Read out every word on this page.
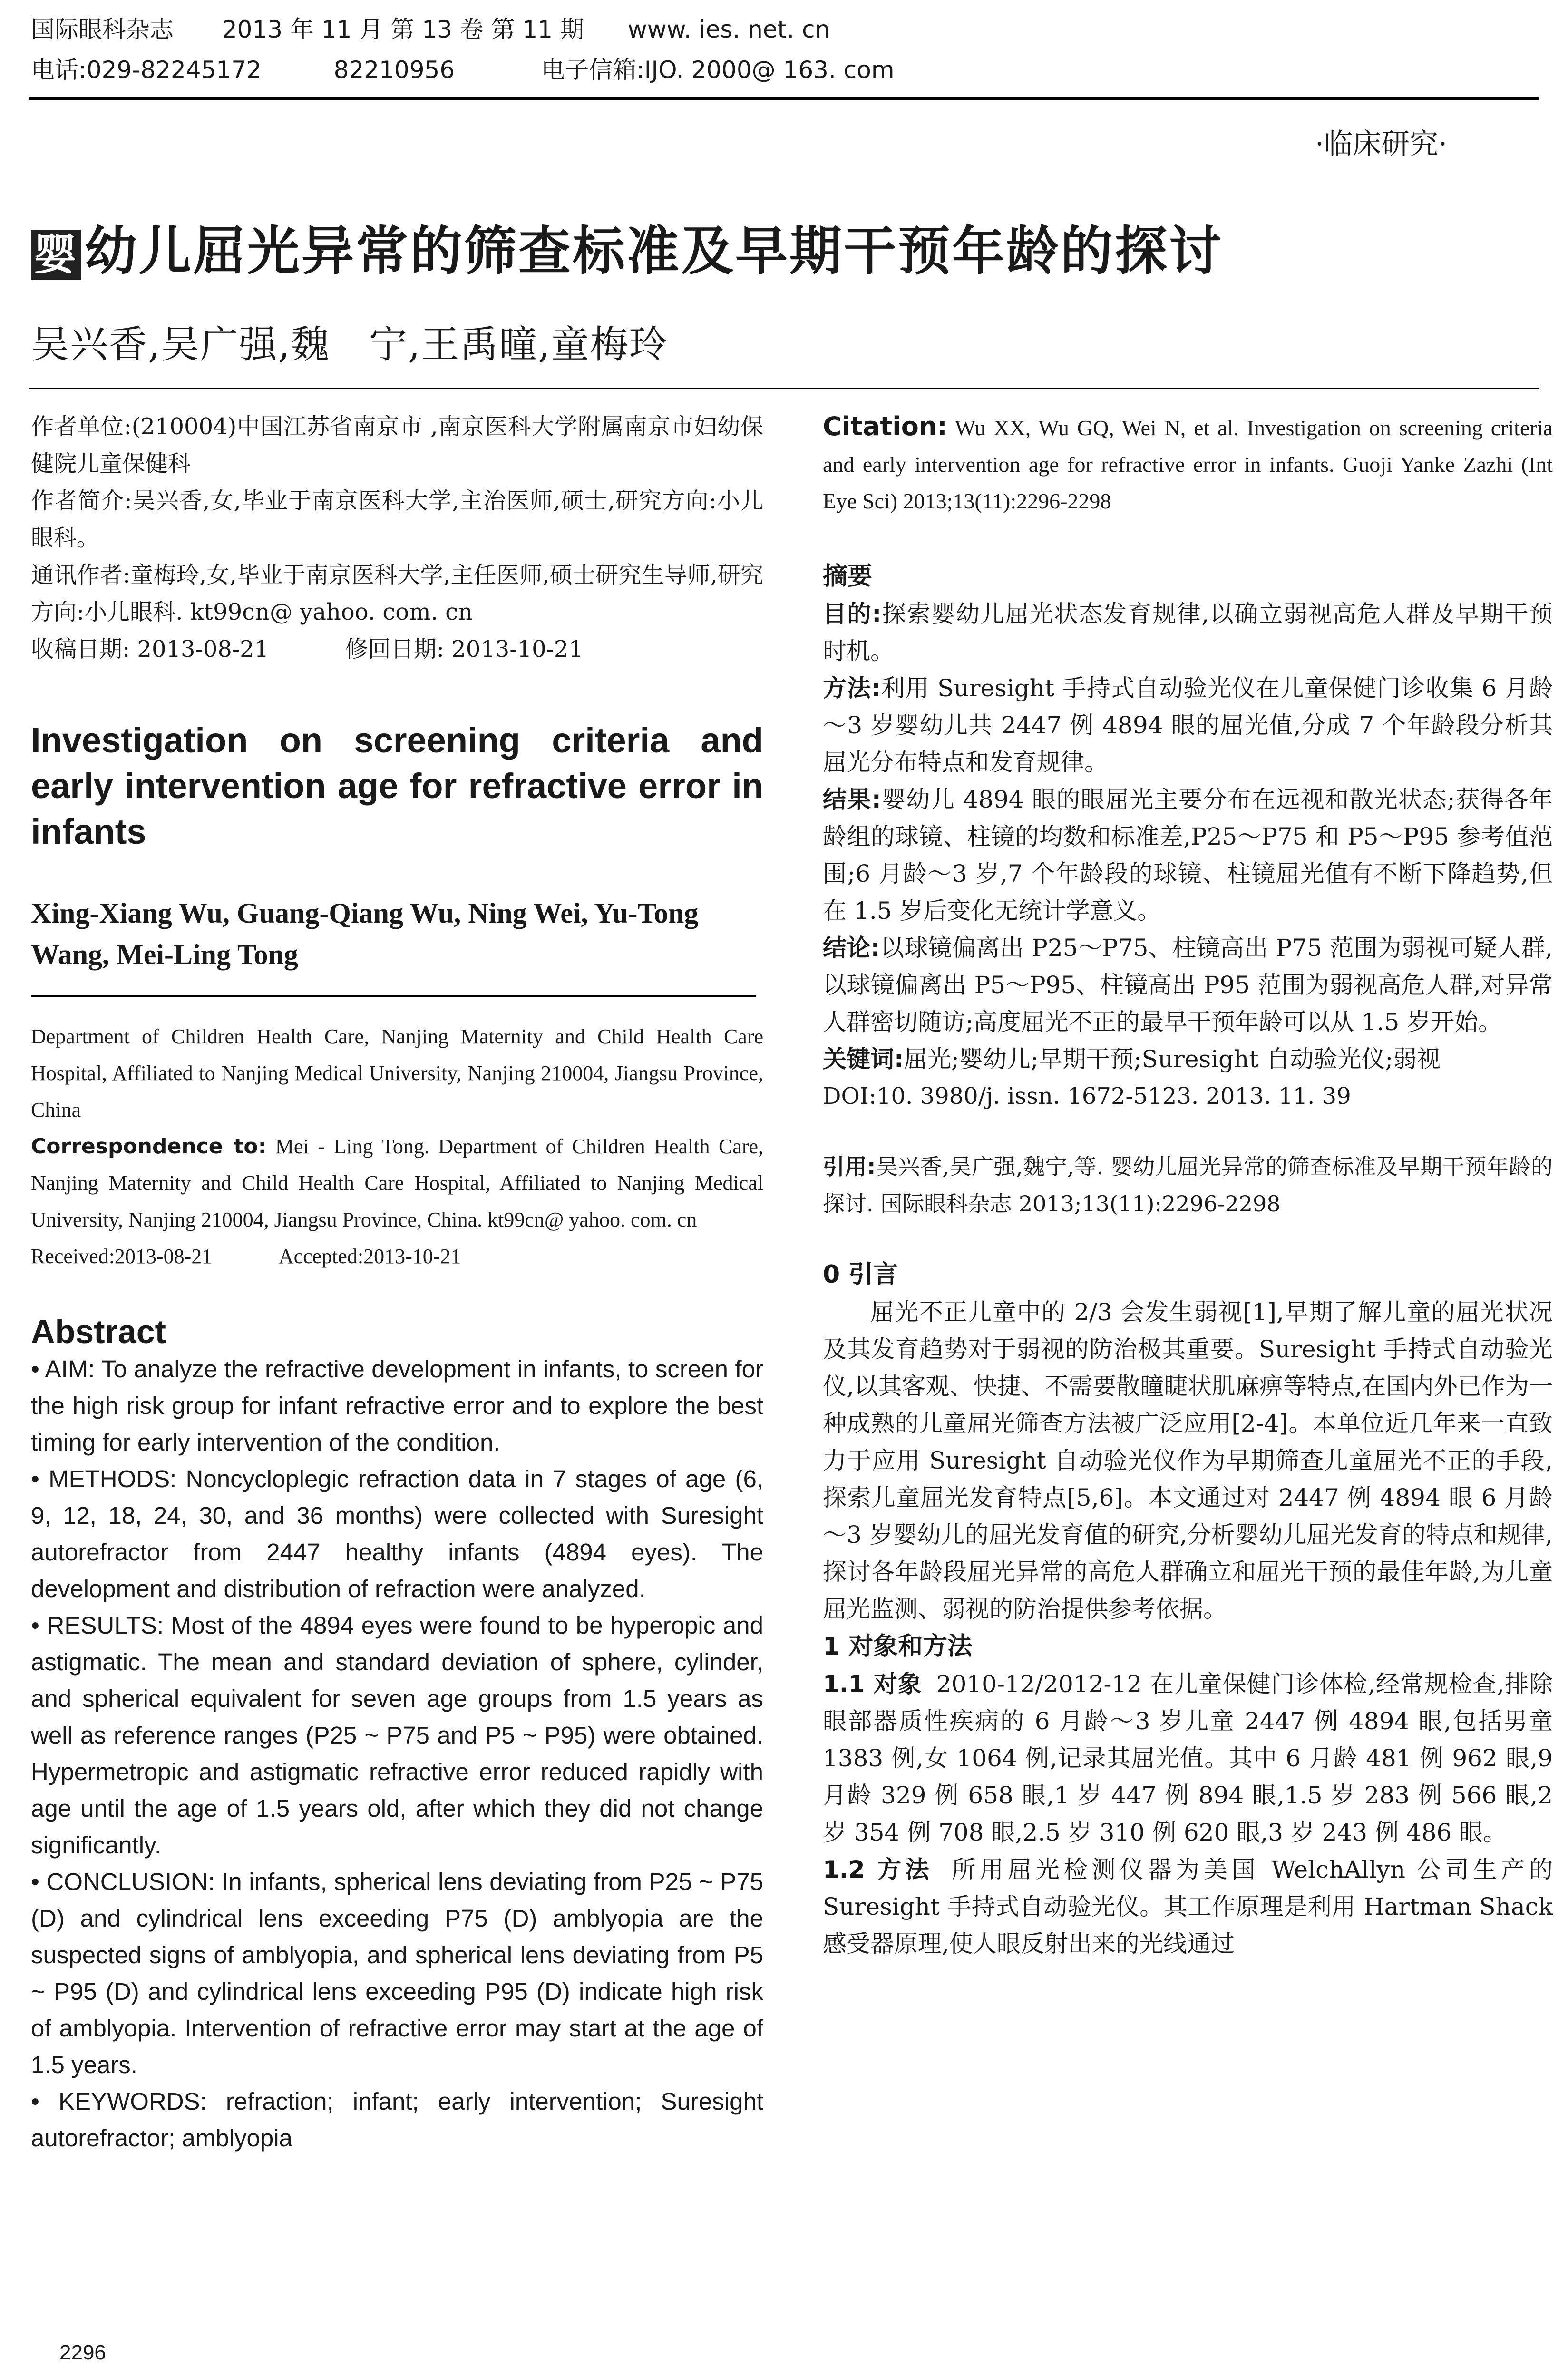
国际眼科杂志 2013 年 11 月 第 13 卷 第 11 期 www. ies. net. cn
电话:029-82245172	82210956	电子信箱:IJO. 2000@ 163. com
·临床研究·
婴 幼儿屈光异常的筛查标准及早期干预年龄的探讨
吴兴香,吴广强,魏　宁,王禹曈,童梅玲

作者单位:(210004)中国江苏省南京市 ,南京医科大学附属南京市妇幼保健院儿童保健科

作者简介:吴兴香,女,毕业于南京医科大学,主治医师,硕士,研究方向:小儿眼科。

通讯作者:童梅玲,女,毕业于南京医科大学,主任医师,硕士研究生导师,研究方向:小儿眼科. kt99cn@ yahoo. com. cn

收稿日期: 2013-08-21	修回日期: 2013-10-21

Investigation on screening criteria and early intervention age for refractive error in infants

Xing-Xiang Wu, Guang-Qiang Wu, Ning Wei, Yu-Tong Wang, Mei-Ling Tong

Department of Children Health Care, Nanjing Maternity and Child Health Care Hospital, Affiliated to Nanjing Medical University, Nanjing 210004, Jiangsu Province, China

Correspondence to: Mei - Ling Tong. Department of Children Health Care, Nanjing Maternity and Child Health Care Hospital, Affiliated to Nanjing Medical University, Nanjing 210004, Jiangsu Province, China. kt99cn@ yahoo. com. cn

Received:2013-08-21	Accepted:2013-10-21

Abstract

• AIM: To analyze the refractive development in infants, to screen for the high risk group for infant refractive error and to explore the best timing for early intervention of the condition.

• METHODS: Noncycloplegic refraction data in 7 stages of age (6, 9, 12, 18, 24, 30, and 36 months) were collected with Suresight autorefractor from 2447 healthy infants (4894 eyes). The development and distribution of refraction were analyzed.

• RESULTS: Most of the 4894 eyes were found to be hyperopic and astigmatic. The mean and standard deviation of sphere, cylinder, and spherical equivalent for seven age groups from 1.5 years as well as reference ranges (P25 ~ P75 and P5 ~ P95) were obtained. Hypermetropic and astigmatic refractive error reduced rapidly with age until the age of 1.5 years old, after which they did not change significantly.

• CONCLUSION: In infants, spherical lens deviating from P25 ~ P75 (D) and cylindrical lens exceeding P75 (D) amblyopia are the suspected signs of amblyopia, and spherical lens deviating from P5 ~ P95 (D) and cylindrical lens exceeding P95 (D) indicate high risk of amblyopia. Intervention of refractive error may start at the age of 1.5 years.

• KEYWORDS: refraction; infant; early intervention; Suresight autorefractor; amblyopia

2296

Citation: Wu XX, Wu GQ, Wei N, et al. Investigation on screening criteria and early intervention age for refractive error in infants. Guoji Yanke Zazhi (Int Eye Sci) 2013;13(11):2296-2298

摘要

目的:探索婴幼儿屈光状态发育规律,以确立弱视高危人群及早期干预时机。

方法:利用 Suresight 手持式自动验光仪在儿童保健门诊收集 6 月龄～3 岁婴幼儿共 2447 例 4894 眼的屈光值,分成 7 个年龄段分析其屈光分布特点和发育规律。

结果:婴幼儿 4894 眼的眼屈光主要分布在远视和散光状态;获得各年龄组的球镜、柱镜的均数和标准差,P25～P75 和 P5～P95 参考值范围;6 月龄～3 岁,7 个年龄段的球镜、柱镜屈光值有不断下降趋势,但在 1.5 岁后变化无统计学意义。

结论:以球镜偏离出 P25～P75、柱镜高出 P75 范围为弱视可疑人群,以球镜偏离出 P5～P95、柱镜高出 P95 范围为弱视高危人群,对异常人群密切随访;高度屈光不正的最早干预年龄可以从 1.5 岁开始。

关键词:屈光;婴幼儿;早期干预;Suresight 自动验光仪;弱视

DOI:10. 3980/j. issn. 1672-5123. 2013. 11. 39

引用:吴兴香,吴广强,魏宁,等. 婴幼儿屈光异常的筛查标准及早期干预年龄的探讨. 国际眼科杂志 2013;13(11):2296-2298

0 引言

屈光不正儿童中的 2/3 会发生弱视[1],早期了解儿童的屈光状况及其发育趋势对于弱视的防治极其重要。Suresight 手持式自动验光仪,以其客观、快捷、不需要散瞳睫状肌麻痹等特点,在国内外已作为一种成熟的儿童屈光筛查方法被广泛应用[2-4]。本单位近几年来一直致力于应用 Suresight 自动验光仪作为早期筛查儿童屈光不正的手段,探索儿童屈光发育特点[5,6]。本文通过对 2447 例 4894 眼 6 月龄～3 岁婴幼儿的屈光发育值的研究,分析婴幼儿屈光发育的特点和规律,探讨各年龄段屈光异常的高危人群确立和屈光干预的最佳年龄,为儿童屈光监测、弱视的防治提供参考依据。

1 对象和方法

1.1 对象 2010-12/2012-12 在儿童保健门诊体检,经常规检查,排除眼部器质性疾病的 6 月龄～3 岁儿童 2447 例 4894 眼,包括男童 1383 例,女 1064 例,记录其屈光值。其中 6 月龄 481 例 962 眼,9 月龄 329 例 658 眼,1 岁 447 例 894 眼,1.5 岁 283 例 566 眼,2 岁 354 例 708 眼,2.5 岁 310 例 620 眼,3 岁 243 例 486 眼。

1.2 方法 所用屈光检测仪器为美国 WelchAllyn 公司生产的 Suresight 手持式自动验光仪。其工作原理是利用 Hartman Shack 感受器原理,使人眼反射出来的光线通过
